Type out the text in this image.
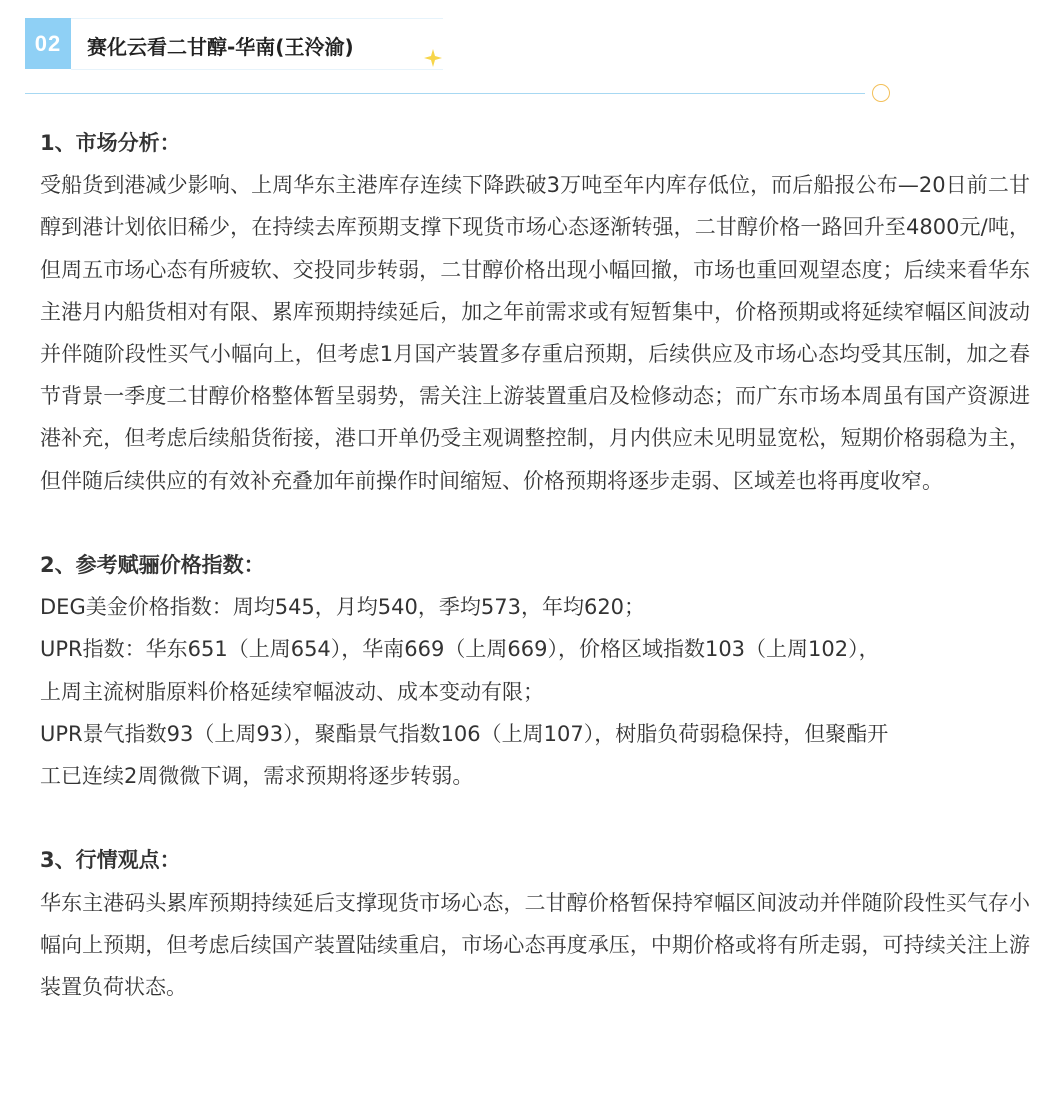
02	赛化云看二甘醇-华南(王泠渝)
1、市场分析：

受船货到港减少影响、上周华东主港库存连续下降跌破3万吨至年内库存低位，而后船报公布—20日前二甘醇到港计划依旧稀少，在持续去库预期支撑下现货市场心态逐渐转强，二甘醇价格一路回升至4800元/吨，但周五市场心态有所疲软、交投同步转弱，二甘醇价格出现小幅回撤，市场也重回观望态度；后续来看华东主港月内船货相对有限、累库预期持续延后，加之年前需求或有短暂集中，价格预期或将延续窄幅区间波动并伴随阶段性买气小幅向上，但考虑1月国产装置多存重启预期，后续供应及市场心态均受其压制，加之春节背景一季度二甘醇价格整体暂呈弱势，需关注上游装置重启及检修动态；而广东市场本周虽有国产资源进港补充，但考虑后续船货衔接，港口开单仍受主观调整控制，月内供应未见明显宽松，短期价格弱稳为主，但伴随后续供应的有效补充叠加年前操作时间缩短、价格预期将逐步走弱、区域差也将再度收窄。

2、参考赋骊价格指数：

DEG美金价格指数：周均545，月均540，季均573，年均620；

UPR指数：华东651（上周654），华南669（上周669），价格区域指数103（上周102），

上周主流树脂原料价格延续窄幅波动、成本变动有限；

UPR景气指数93（上周93），聚酯景气指数106（上周107），树脂负荷弱稳保持，但聚酯开

工已连续2周微微下调，需求预期将逐步转弱。

3、行情观点：

华东主港码头累库预期持续延后支撑现货市场心态，二甘醇价格暂保持窄幅区间波动并伴随阶段性买气存小幅向上预期，但考虑后续国产装置陆续重启，市场心态再度承压，中期价格或将有所走弱，可持续关注上游装置负荷状态。
